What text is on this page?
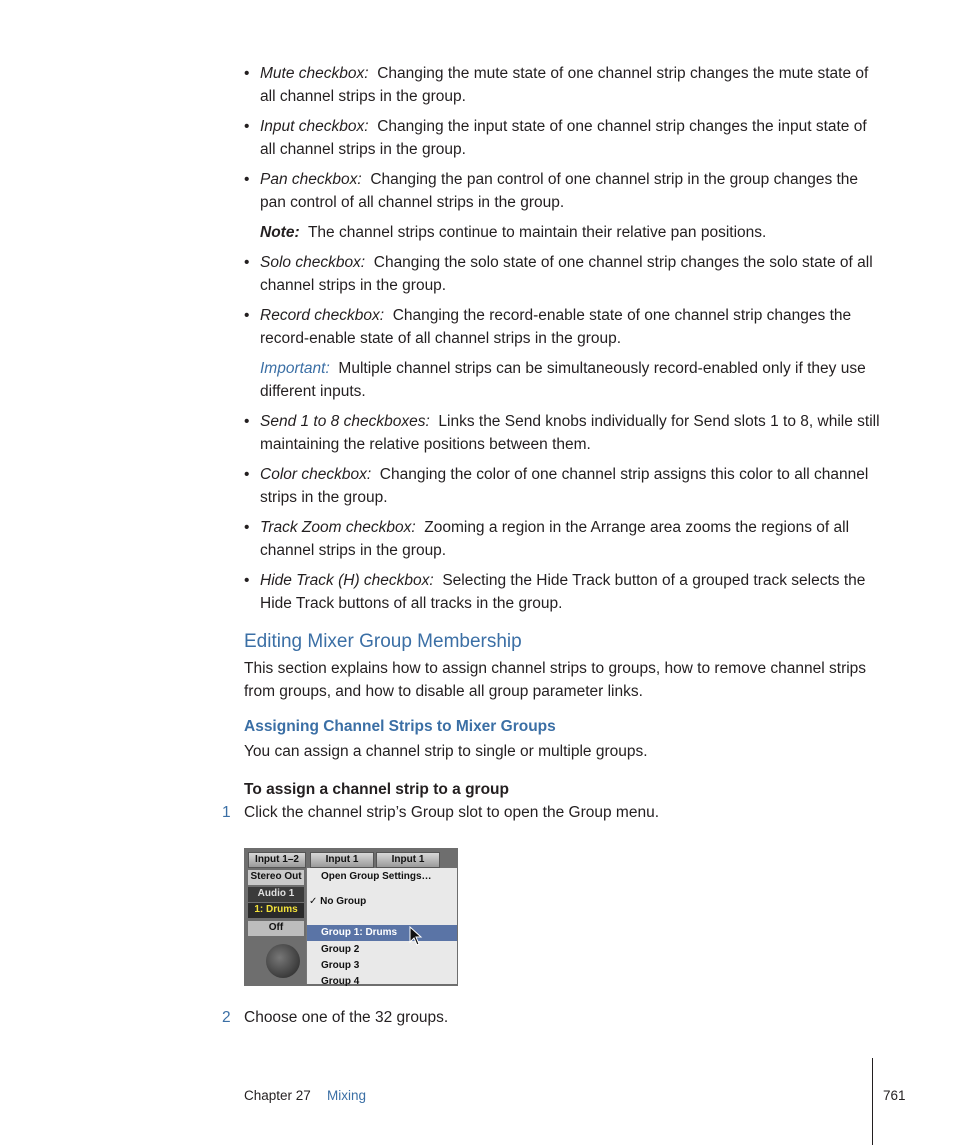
• Mute checkbox: Changing the mute state of one channel strip changes the mute state of all channel strips in the group.
• Input checkbox: Changing the input state of one channel strip changes the input state of all channel strips in the group.
• Pan checkbox: Changing the pan control of one channel strip in the group changes the pan control of all channel strips in the group.
Note: The channel strips continue to maintain their relative pan positions.
• Solo checkbox: Changing the solo state of one channel strip changes the solo state of all channel strips in the group.
• Record checkbox: Changing the record-enable state of one channel strip changes the record-enable state of all channel strips in the group.
Important: Multiple channel strips can be simultaneously record-enabled only if they use different inputs.
• Send 1 to 8 checkboxes: Links the Send knobs individually for Send slots 1 to 8, while still maintaining the relative positions between them.
• Color checkbox: Changing the color of one channel strip assigns this color to all channel strips in the group.
• Track Zoom checkbox: Zooming a region in the Arrange area zooms the regions of all channel strips in the group.
• Hide Track (H) checkbox: Selecting the Hide Track button of a grouped track selects the Hide Track buttons of all tracks in the group.
Editing Mixer Group Membership

This section explains how to assign channel strips to groups, how to remove channel strips from groups, and how to disable all group parameter links.

Assigning Channel Strips to Mixer Groups

You can assign a channel strip to single or multiple groups.

To assign a channel strip to a group

1 Click the channel strip’s Group slot to open the Group menu.
Input 1–2	Input 1	Input 1
Stereo Out
Audio 1
1: Drums
Off
Open Group Settings…
✓ No Group
Group 1: Drums
Group 2
Group 3
Group 4
2 Choose one of the 32 groups.
Chapter 27 Mixing	761
